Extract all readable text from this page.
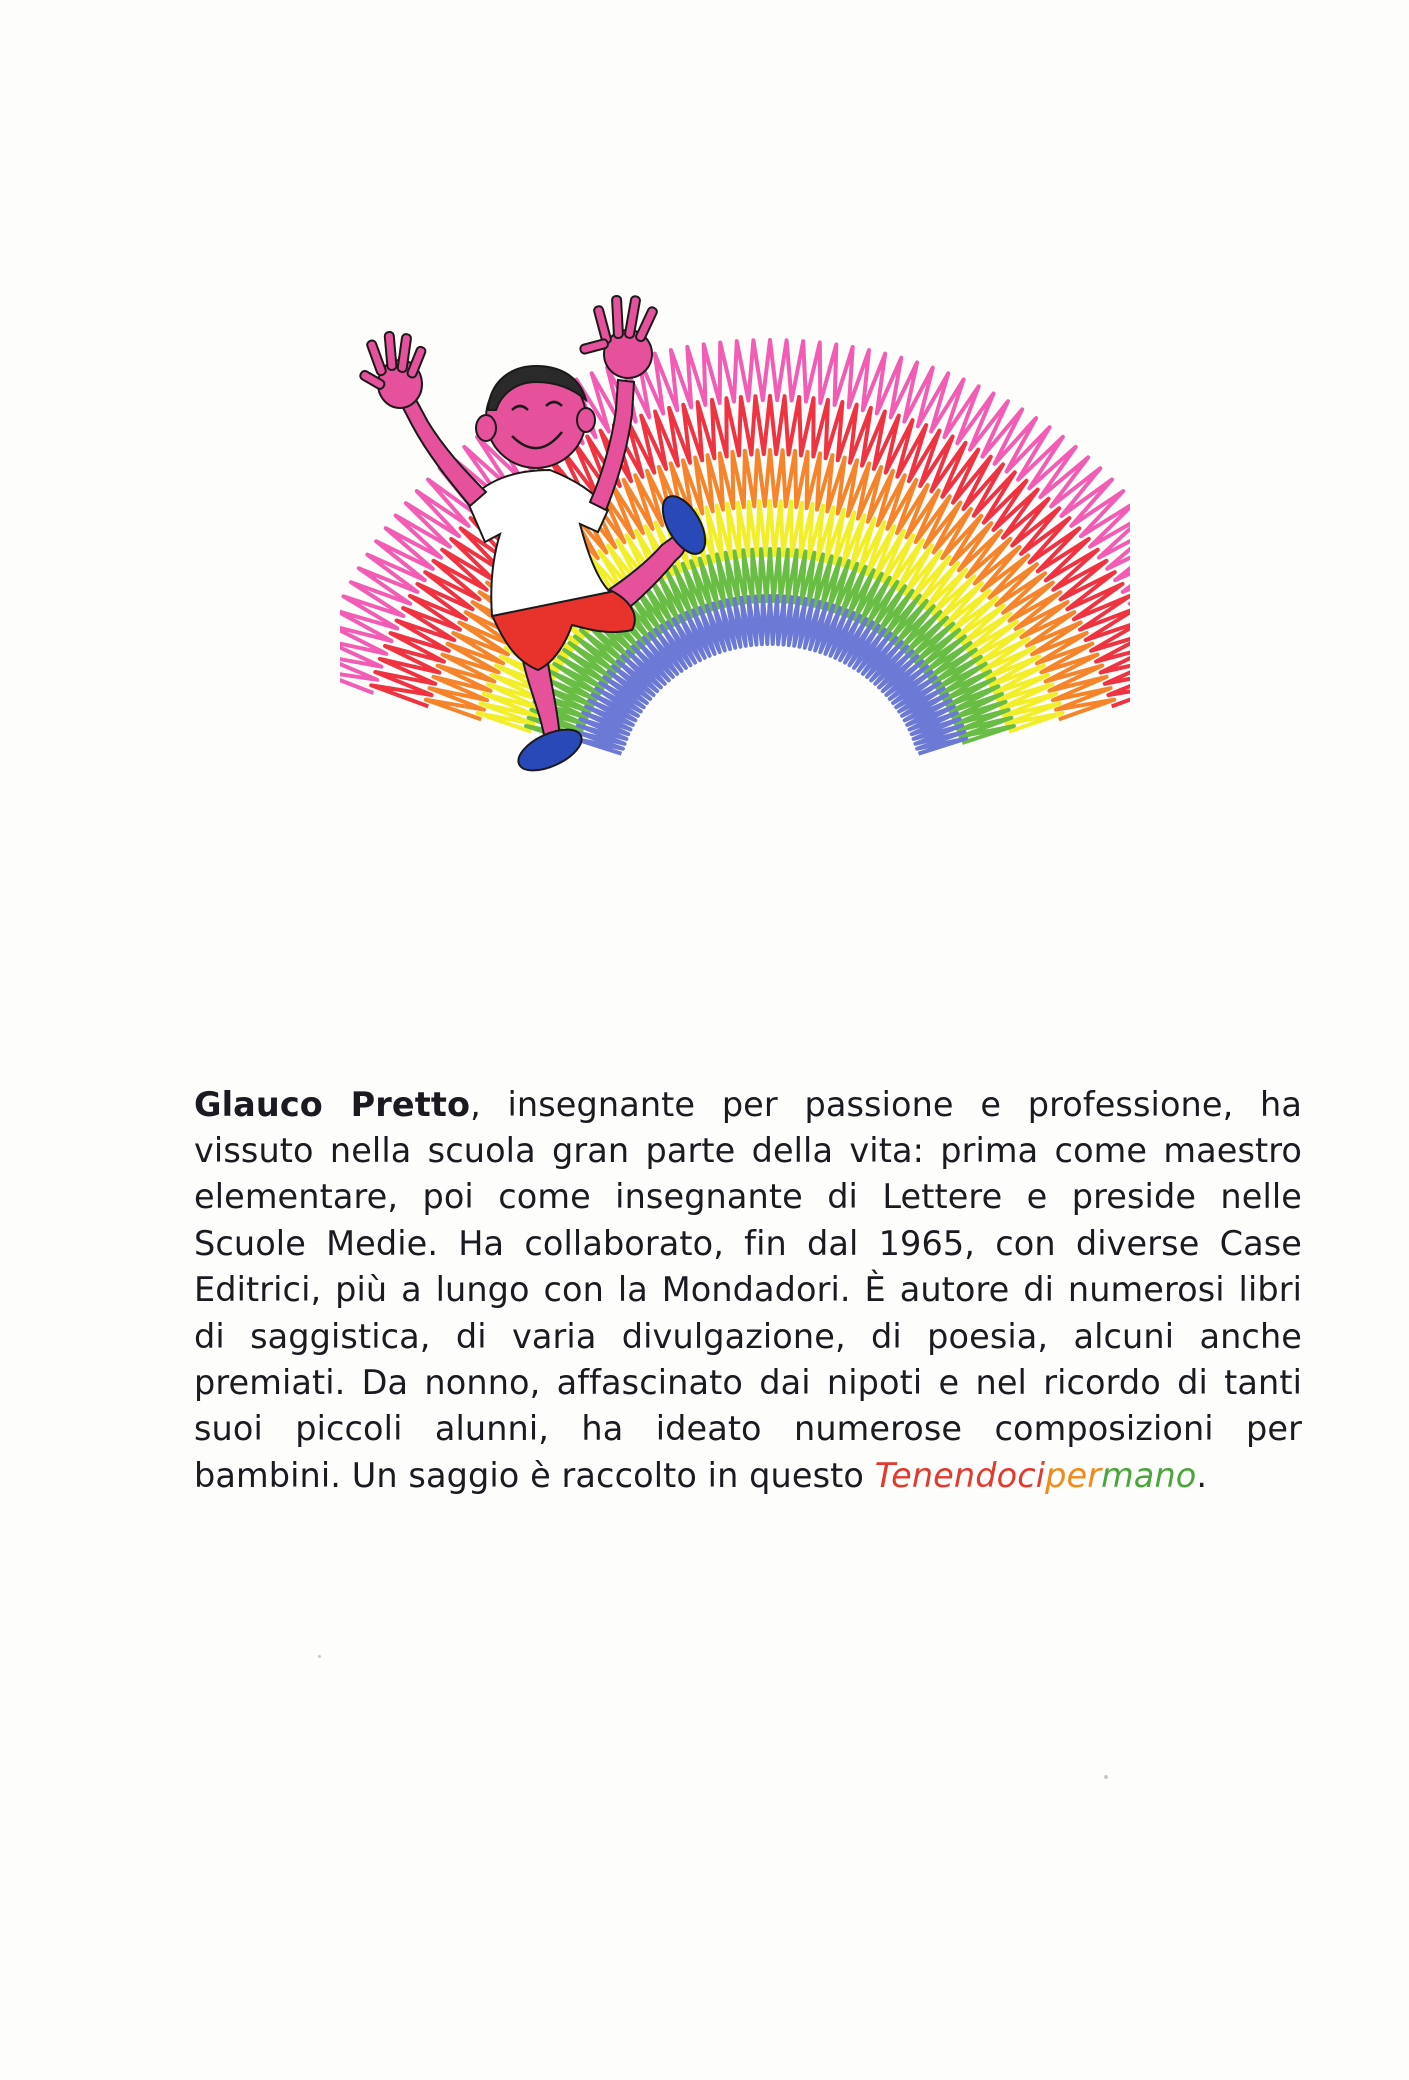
Glauco Pretto, insegnante per passione e professione, ha vissuto nella scuola gran parte della vita: prima come maestro elementare, poi come insegnante di Lettere e preside nelle Scuole Medie. Ha collaborato, fin dal 1965, con diverse Case Editrici, più a lungo con la Mondadori. È autore di numerosi libri di saggistica, di varia divulgazione, di poesia, alcuni anche premiati. Da nonno, affascinato dai nipoti e nel ricordo di tanti suoi piccoli alunni, ha ideato numerose composizioni per bambini. Un saggio è raccolto in questo Tenendocipermano.
